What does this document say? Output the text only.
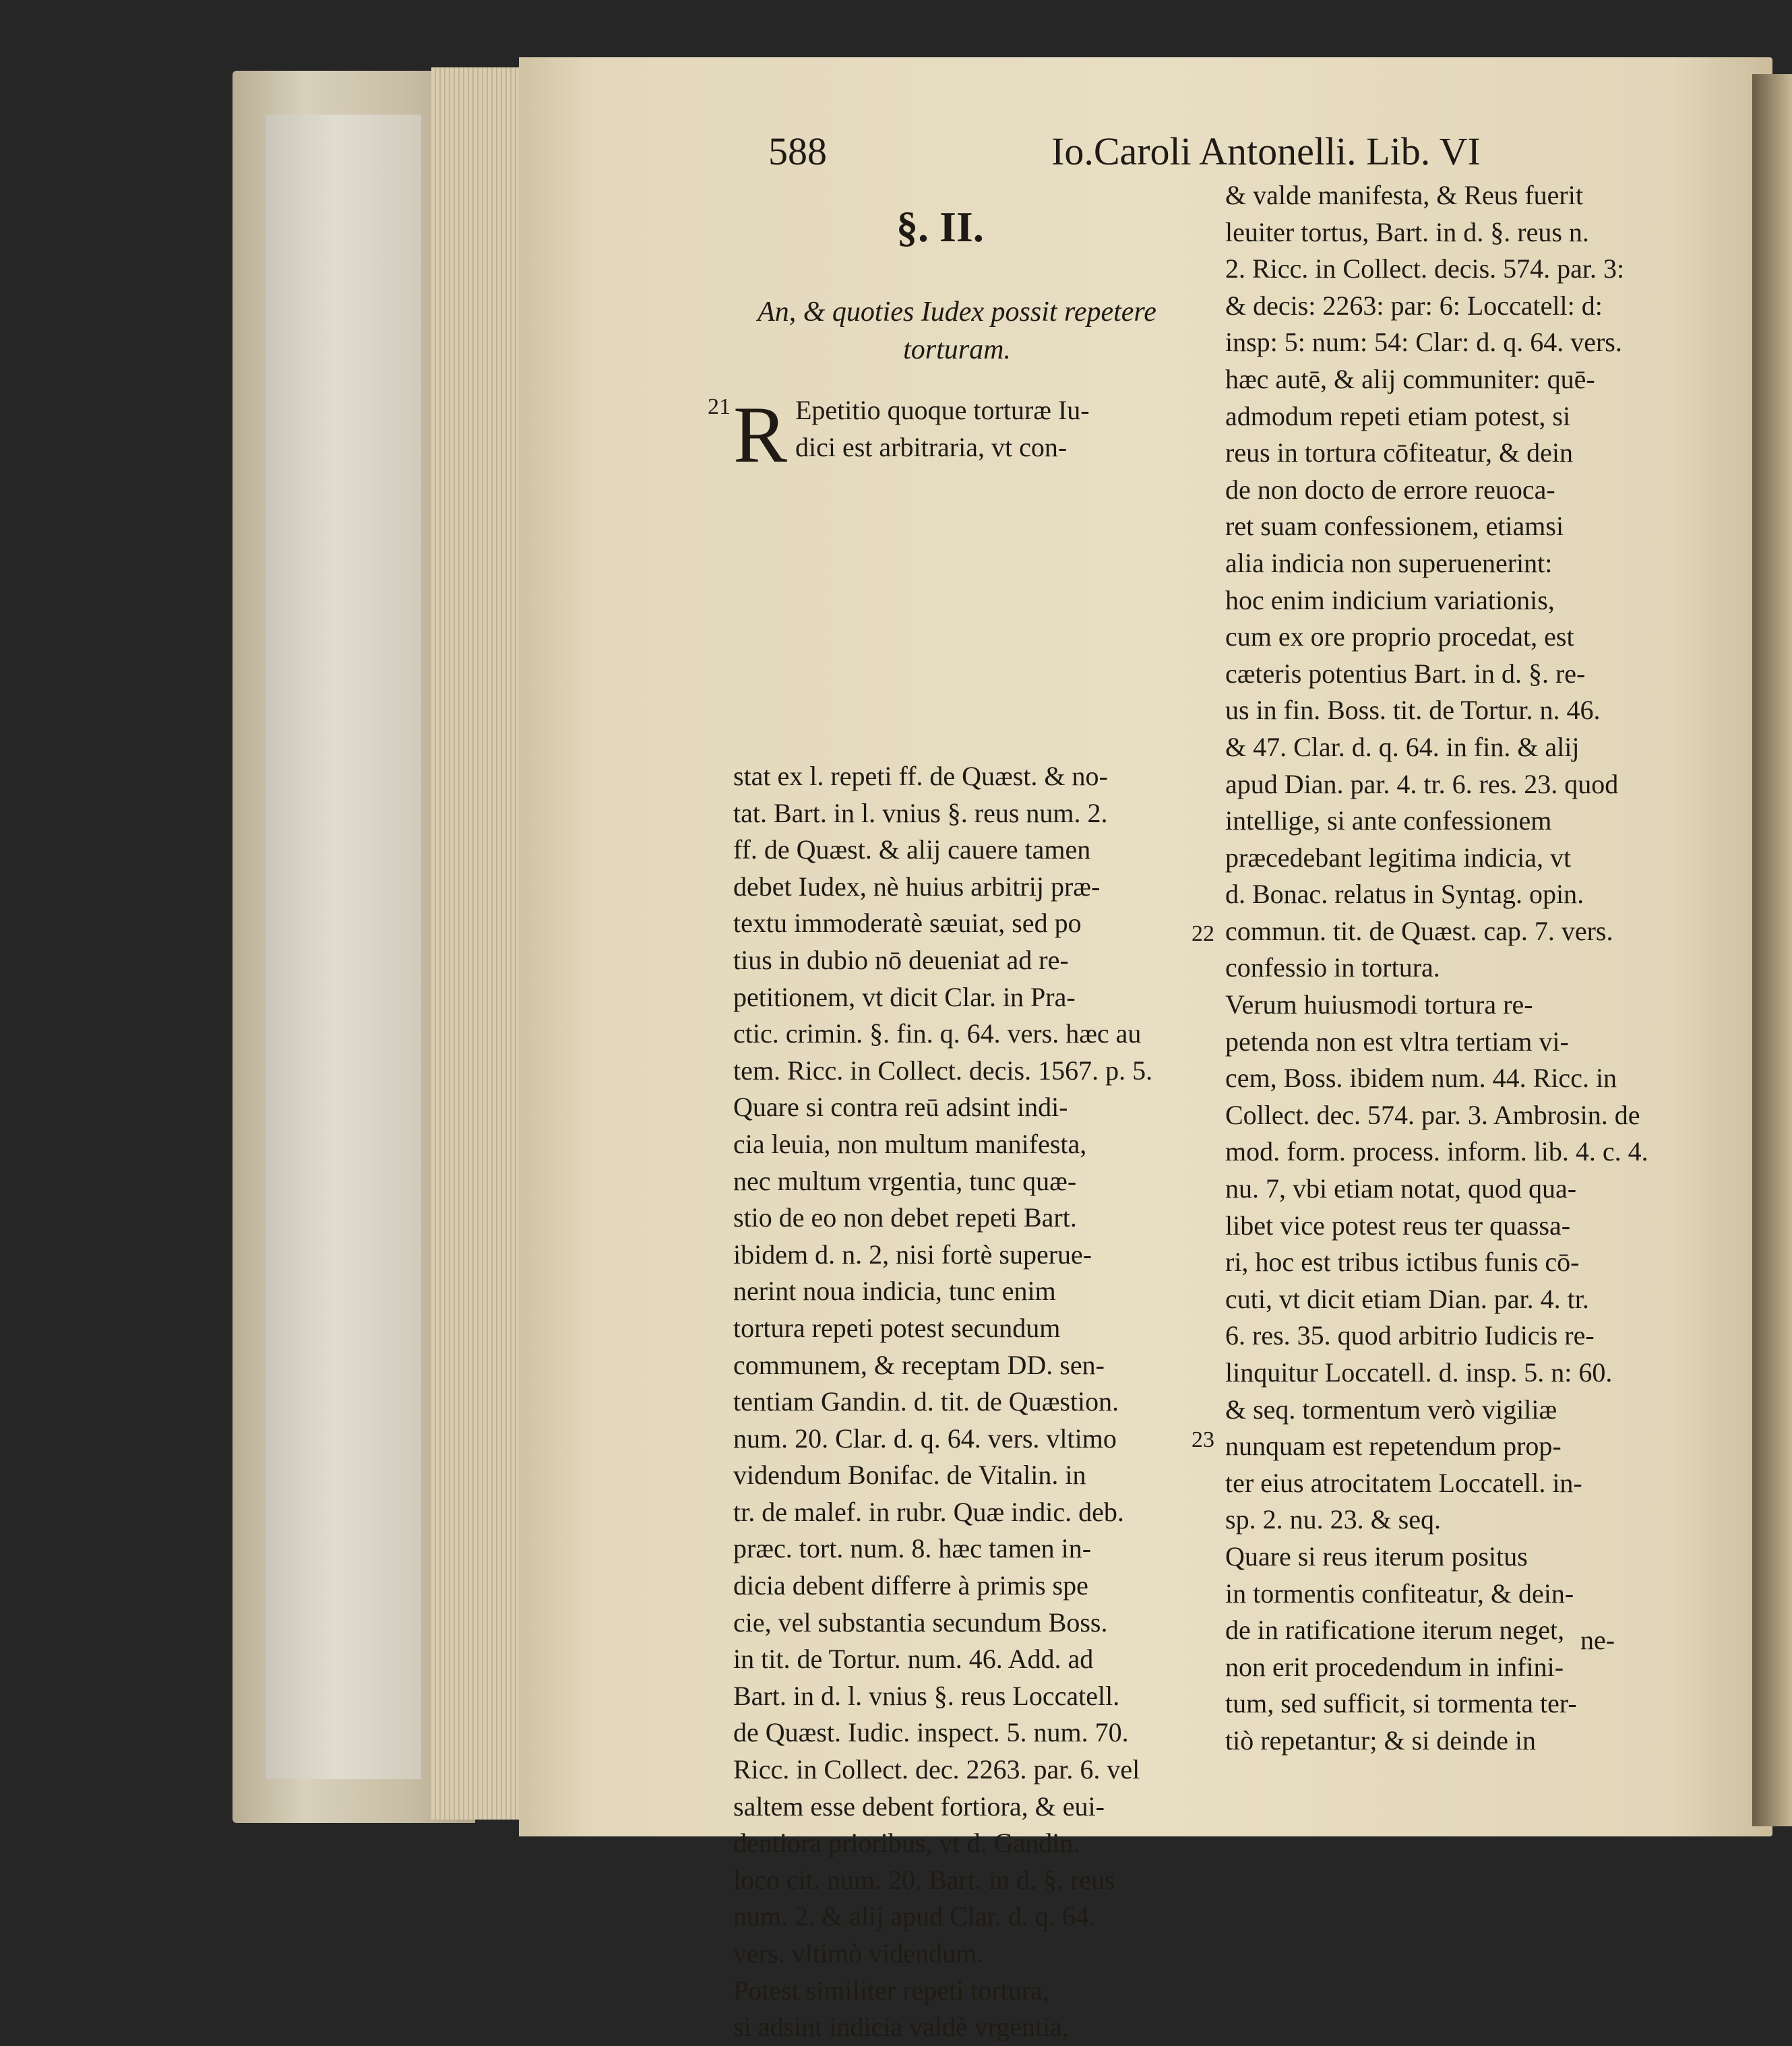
588	Io.Caroli Antonelli. Lib. VI
§. II.
An, & quoties Iudex possit repetere
torturam.
21
22
23
R Epetitio quoque torturæ Iu-
dici est arbitraria, vt con-
stat ex l. repeti ff. de Quæst. & no-
tat. Bart. in l. vnius §. reus num. 2.
ff. de Quæst. & alij cauere tamen
debet Iudex, nè huius arbitrij præ-
textu immoderatè sæuiat, sed po
tius in dubio nō deueniat ad re-
petitionem, vt dicit Clar. in Pra-
ctic. crimin. §. fin. q. 64. vers. hæc au
tem. Ricc. in Collect. decis. 1567. p. 5.
Quare si contra reū adsint indi-
cia leuia, non multum manifesta,
nec multum vrgentia, tunc quæ-
stio de eo non debet repeti Bart.
ibidem d. n. 2, nisi fortè superue-
nerint noua indicia, tunc enim
tortura repeti potest secundum
communem, & receptam DD. sen-
tentiam Gandin. d. tit. de Quæstion.
num. 20. Clar. d. q. 64. vers. vltimo
videndum Bonifac. de Vitalin. in
tr. de malef. in rubr. Quæ indic. deb.
præc. tort. num. 8. hæc tamen in-
dicia debent differre à primis spe
cie, vel substantia secundum Boss.
in tit. de Tortur. num. 46. Add. ad
Bart. in d. l. vnius §. reus Loccatell.
de Quæst. Iudic. inspect. 5. num. 70.
Ricc. in Collect. dec. 2263. par. 6. vel
saltem esse debent fortiora, & eui-
dentiora prioribus, vt d. Gandin.
loco cit. num. 20. Bart. in d. §. reus
num. 2. & alij apud Clar. d. q. 64.
vers. vltimò videndum.
Potest similiter repeti tortura,
si adsint indicia valdè vrgentia,
& valde manifesta, & Reus fuerit
leuiter tortus, Bart. in d. §. reus n.
2. Ricc. in Collect. decis. 574. par. 3:
& decis: 2263: par: 6: Loccatell: d:
insp: 5: num: 54: Clar: d. q. 64. vers.
hæc autē, & alij communiter: quē-
admodum repeti etiam potest, si
reus in tortura cōfiteatur, & dein
de non docto de errore reuoca-
ret suam confessionem, etiamsi
alia indicia non superuenerint:
hoc enim indicium variationis,
cum ex ore proprio procedat, est
cæteris potentius Bart. in d. §. re-
us in fin. Boss. tit. de Tortur. n. 46.
& 47. Clar. d. q. 64. in fin. & alij
apud Dian. par. 4. tr. 6. res. 23. quod
intellige, si ante confessionem
præcedebant legitima indicia, vt
d. Bonac. relatus in Syntag. opin.
commun. tit. de Quæst. cap. 7. vers.
confessio in tortura.
Verum huiusmodi tortura re-
petenda non est vltra tertiam vi-
cem, Boss. ibidem num. 44. Ricc. in
Collect. dec. 574. par. 3. Ambrosin. de
mod. form. process. inform. lib. 4. c. 4.
nu. 7, vbi etiam notat, quod qua-
libet vice potest reus ter quassa-
ri, hoc est tribus ictibus funis cō-
cuti, vt dicit etiam Dian. par. 4. tr.
6. res. 35. quod arbitrio Iudicis re-
linquitur Loccatell. d. insp. 5. n: 60.
& seq. tormentum verò vigiliæ
nunquam est repetendum prop-
ter eius atrocitatem Loccatell. in-
sp. 2. nu. 23. & seq.
Quare si reus iterum positus
in tormentis confiteatur, & dein-
de in ratificatione iterum neget,
non erit procedendum in infini-
tum, sed sufficit, si tormenta ter-
tiò repetantur; & si deinde in
ne-
